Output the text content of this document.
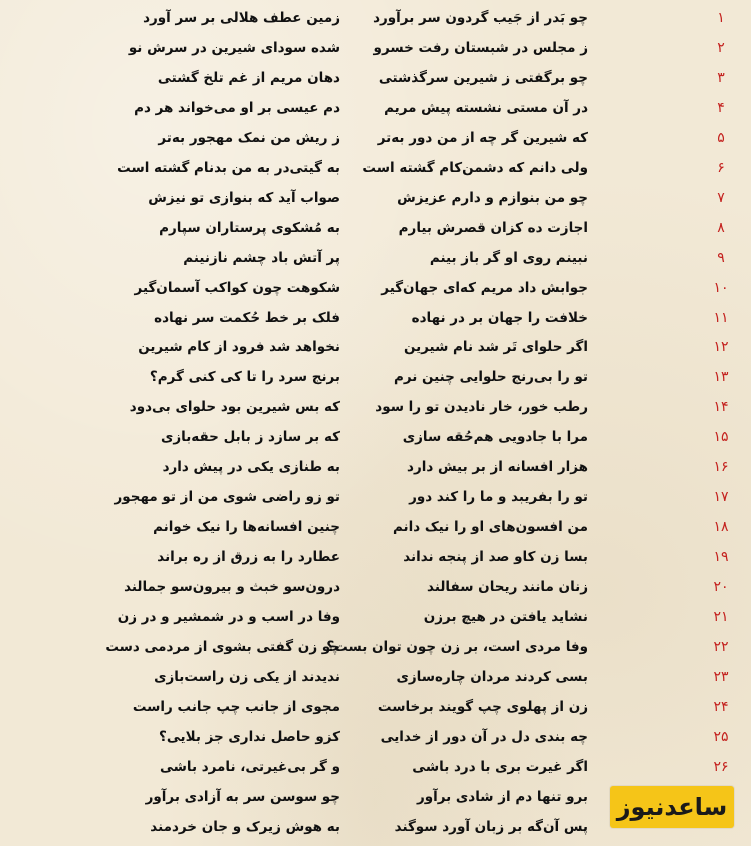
۱
چو بَدر از جَیب گردون سر برآورد
زمین عطف هلالی بر سر آورد
۲
ز مجلس در شبستان رفت خسرو
شده سودای شیرین در سرش نو
۳
چو برگفتی ز شیرین سرگذشتی
دهان مریم از غم تلخ گشتی
۴
در آن مستی نشسته پیش مریم
دم عیسی بر او می‌خواند هر دم
۵
که شیرین گر چه از من دور به‌تر
ز ریش من نمک مهجور به‌تر
۶
ولی دانم که دشمن‌کام گشته است
به گیتی‌در به من بدنام گشته است
۷
چو من بنوازم و دارم عزیزش
صواب آید که بنوازی تو نیزش
۸
اجازت ده کزان قصرش بیارم
به مُشکوی پرستاران سپارم
۹
نبینم روی او گر باز بینم
پر آتش باد چشم نازنینم
۱۰
جوابش داد مریم که‌ای جهان‌گیر
شکوهت چون کواکب آسمان‌گیر
۱۱
خلافت را جهان بر در نهاده
فلک بر خط حُکمت سر نهاده
۱۲
اگر حلوای تَر شد نام شیرین
نخواهد شد فرود از کام شیرین
۱۳
تو را بی‌رنج حلوایی چنین نرم
برنج سرد را تا کی کنی گرم؟
۱۴
رطب خور، خار نادیدن تو را سود
که بس شیرین بود حلوای بی‌دود
۱۵
مرا با جادویی هم‌حُقه سازی
که بر سازد ز بابل حقه‌بازی
۱۶
هزار افسانه از بر بیش دارد
به طنازی یکی در پیش دارد
۱۷
تو را بفریبد و ما را کند دور
تو زو راضی شوی من از تو مهجور
۱۸
من افسون‌های او را نیک دانم
چنین افسانه‌ها را نیک خوانم
۱۹
بسا زن کاو صد از پنجه نداند
عطارد را به زرق از ره براند
۲۰
زنان مانند ریحان سفالند
درون‌سو خبث و بیرون‌سو جمالند
۲۱
نشاید یافتن در هیچ برزن
وفا در اسب و در شمشیر و در زن
۲۲
وفا مردی است، بر زن چون توان بست؟
چو زن گفتی بشوی از مردمی دست
۲۳
بسی کردند مردان چاره‌سازی
ندیدند از یکی زن راست‌بازی
۲۴
زن از پهلوی چپ گویند برخاست
مجوی از جانب چپ جانب راست
۲۵
چه بندی دل در آن دور از خدایی
کزو حاصل نداری جز بلایی؟
۲۶
اگر غیرت بری با درد باشی
و گر بی‌غیرتی، نامرد باشی
برو تنها دم از شادی برآور
چو سوسن سر به آزادی برآور
پس آن‌گه بر زبان آورد سوگند
به هوش زیرک و جان خردمند
ساعدنیوز
